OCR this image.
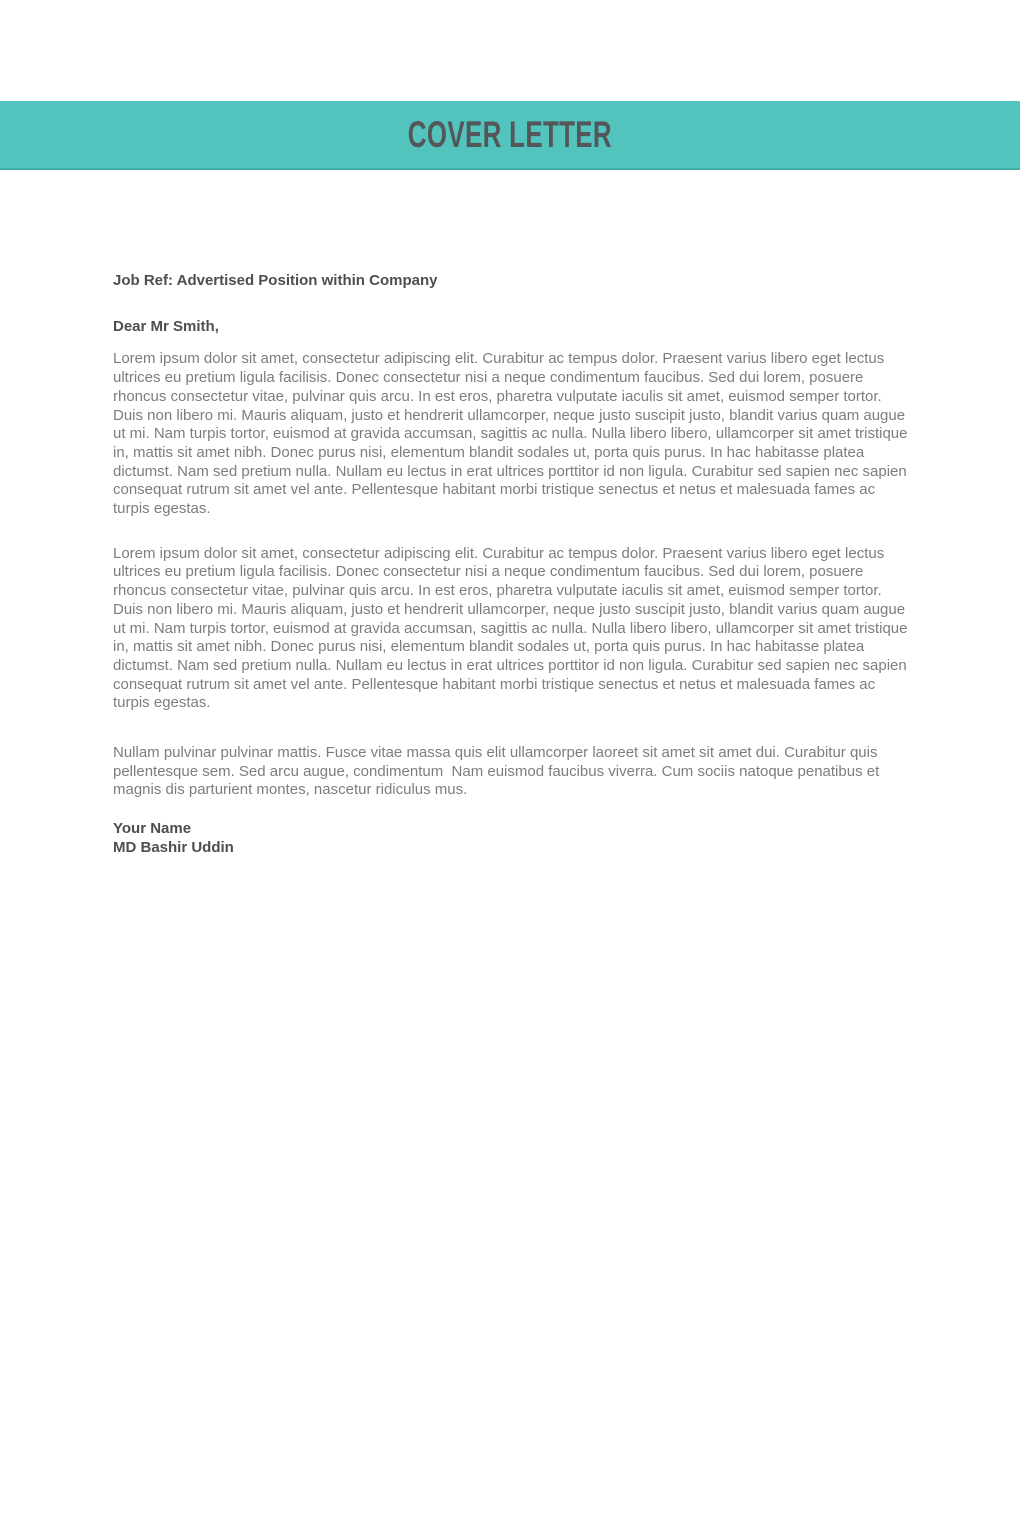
COVER LETTER

Job Ref: Advertised Position within Company

Dear Mr Smith,

Lorem ipsum dolor sit amet, consectetur adipiscing elit. Curabitur ac tempus dolor. Praesent varius libero eget lectus ultrices eu pretium ligula facilisis. Donec consectetur nisi a neque condimentum faucibus. Sed dui lorem, posuere rhoncus consectetur vitae, pulvinar quis arcu. In est eros, pharetra vulputate iaculis sit amet, euismod semper tortor. Duis non libero mi. Mauris aliquam, justo et hendrerit ullamcorper, neque justo suscipit justo, blandit varius quam augue ut mi. Nam turpis tortor, euismod at gravida accumsan, sagittis ac nulla. Nulla libero libero, ullamcorper sit amet tristique in, mattis sit amet nibh. Donec purus nisi, elementum blandit sodales ut, porta quis purus. In hac habitasse platea dictumst. Nam sed pretium nulla. Nullam eu lectus in erat ultrices porttitor id non ligula. Curabitur sed sapien nec sapien consequat rutrum sit amet vel ante. Pellentesque habitant morbi tristique senectus et netus et malesuada fames ac turpis egestas.

Lorem ipsum dolor sit amet, consectetur adipiscing elit. Curabitur ac tempus dolor. Praesent varius libero eget lectus ultrices eu pretium ligula facilisis. Donec consectetur nisi a neque condimentum faucibus. Sed dui lorem, posuere rhoncus consectetur vitae, pulvinar quis arcu. In est eros, pharetra vulputate iaculis sit amet, euismod semper tortor. Duis non libero mi. Mauris aliquam, justo et hendrerit ullamcorper, neque justo suscipit justo, blandit varius quam augue ut mi. Nam turpis tortor, euismod at gravida accumsan, sagittis ac nulla. Nulla libero libero, ullamcorper sit amet tristique in, mattis sit amet nibh. Donec purus nisi, elementum blandit sodales ut, porta quis purus. In hac habitasse platea dictumst. Nam sed pretium nulla. Nullam eu lectus in erat ultrices porttitor id non ligula. Curabitur sed sapien nec sapien consequat rutrum sit amet vel ante. Pellentesque habitant morbi tristique senectus et netus et malesuada fames ac turpis egestas.

Nullam pulvinar pulvinar mattis. Fusce vitae massa quis elit ullamcorper laoreet sit amet sit amet dui. Curabitur quis pellentesque sem. Sed arcu augue, condimentum  Nam euismod faucibus viverra. Cum sociis natoque penatibus et magnis dis parturient montes, nascetur ridiculus mus.

Your Name
MD Bashir Uddin
